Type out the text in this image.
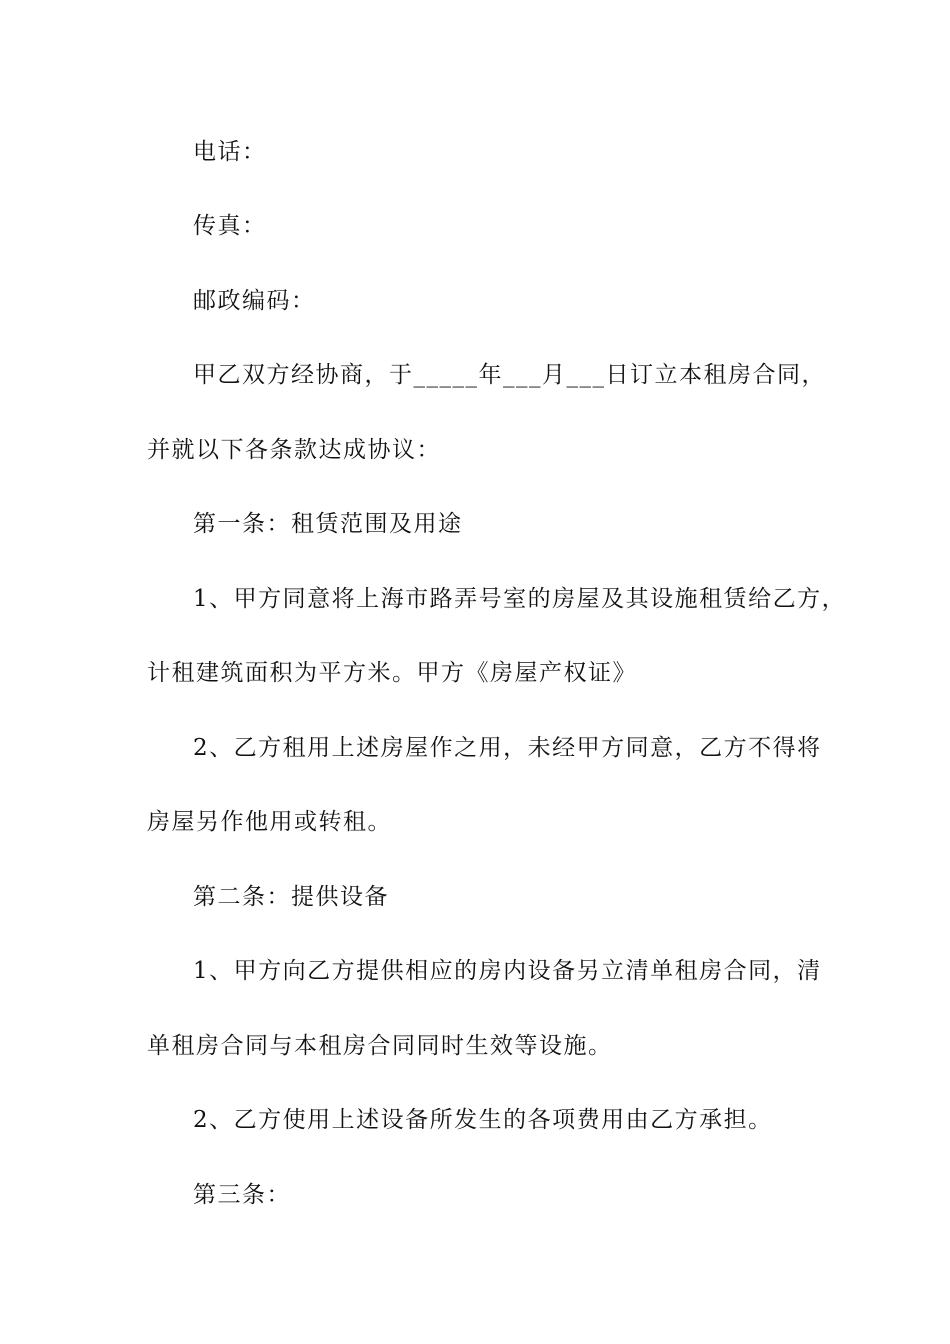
电话：
传真：
邮政编码：
甲乙双方经协商，于_____年___月___日订立本租房合同，
并就以下各条款达成协议：
第一条：租赁范围及用途
1、甲方同意将上海市路弄号室的房屋及其设施租赁给乙方，
计租建筑面积为平方米。甲方《房屋产权证》
2、乙方租用上述房屋作之用，未经甲方同意，乙方不得将
房屋另作他用或转租。
第二条：提供设备
1、甲方向乙方提供相应的房内设备另立清单租房合同，清
单租房合同与本租房合同同时生效等设施。
2、乙方使用上述设备所发生的各项费用由乙方承担。
第三条：
